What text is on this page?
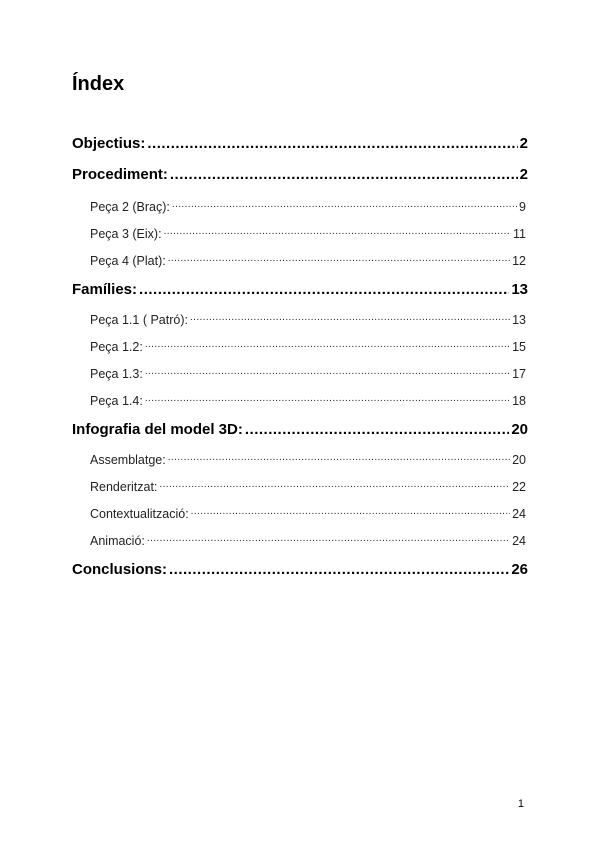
Índex
Objectius: .....	2
Procediment: .....	2
Peça 2 (Braç): .....	9
Peça 3 (Eix): .....	11
Peça 4 (Plat): .....	12
Famílies: .....	13
Peça 1.1 ( Patró): .....	13
Peça 1.2: .....	15
Peça 1.3: .....	17
Peça 1.4: .....	18
Infografia del model 3D: .....	20
Assemblatge: .....	20
Renderitzat: .....	22
Contextualització: .....	24
Animació: .....	24
Conclusions: .....	26
1
